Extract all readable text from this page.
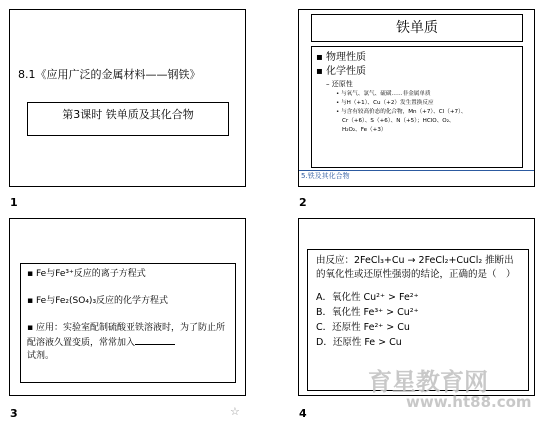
8.1《应用广泛的金属材料——钢铁》
第3课时 铁单质及其化合物
1
铁单质
▪ 物理性质
▪ 化学性质
– 还原性
• 与氧气、氯气、硫磺……非金属单质
• 与H（+1）、Cu（+2）发生置换反应
• 与含有较高价态的化合物，Mn（+7）、Cl（+7）、
Cr（+6）、S（+6）、N（+5）；HClO、O₂、
H₂O₂、Fe（+3）
5.铁及其化合物
2
▪ Fe与Fe³⁺反应的离子方程式
▪ Fe与Fe₂(SO₄)₃反应的化学方程式
▪ 应用：实验室配制硫酸亚铁溶液时，为了防止所配溶液久置变质，常常加入
试剂。
3	☆
由反应：2FeCl₃+Cu → 2FeCl₂+CuCl₂ 推断出的氧化性或还原性强弱的结论，正确的是（　）
A．氧化性 Cu²⁺ > Fe²⁺
B．氧化性 Fe³⁺ > Cu²⁺
C．还原性 Fe²⁺ > Cu
D．还原性 Fe > Cu
4
育星教育网
www.ht88.com
